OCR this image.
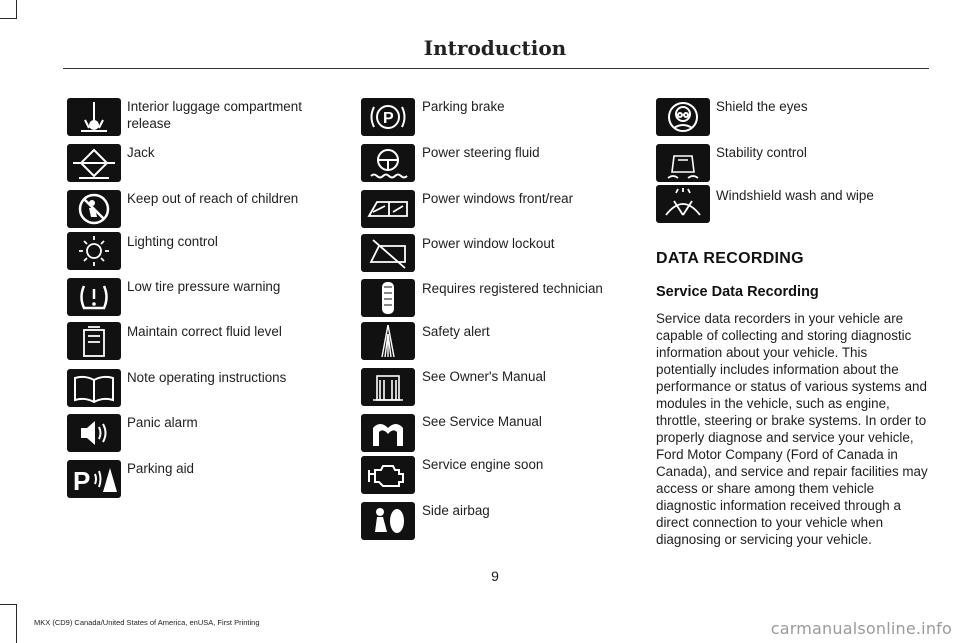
Introduction
Interior luggage compartment release
Jack
Keep out of reach of children
Lighting control
Low tire pressure warning
Maintain correct fluid level
Note operating instructions
Panic alarm
P	Parking aid
P
Parking brake
Power steering fluid
Power windows front/rear
Power window lockout
Requires registered technician
Safety alert
See Owner's Manual
See Service Manual
Service engine soon
Side airbag
Shield the eyes
Stability control
Windshield wash and wipe
DATA RECORDING
Service Data Recording
Service data recorders in your vehicle are capable of collecting and storing diagnostic information about your vehicle. This potentially includes information about the performance or status of various systems and modules in the vehicle, such as engine, throttle, steering or brake systems. In order to properly diagnose and service your vehicle, Ford Motor Company (Ford of Canada in Canada), and service and repair facilities may access or share among them vehicle diagnostic information received through a direct connection to your vehicle when diagnosing or servicing your vehicle.
9
MKX (CD9) Canada/United States of America, enUSA, First Printing	carmanualsonline.info
